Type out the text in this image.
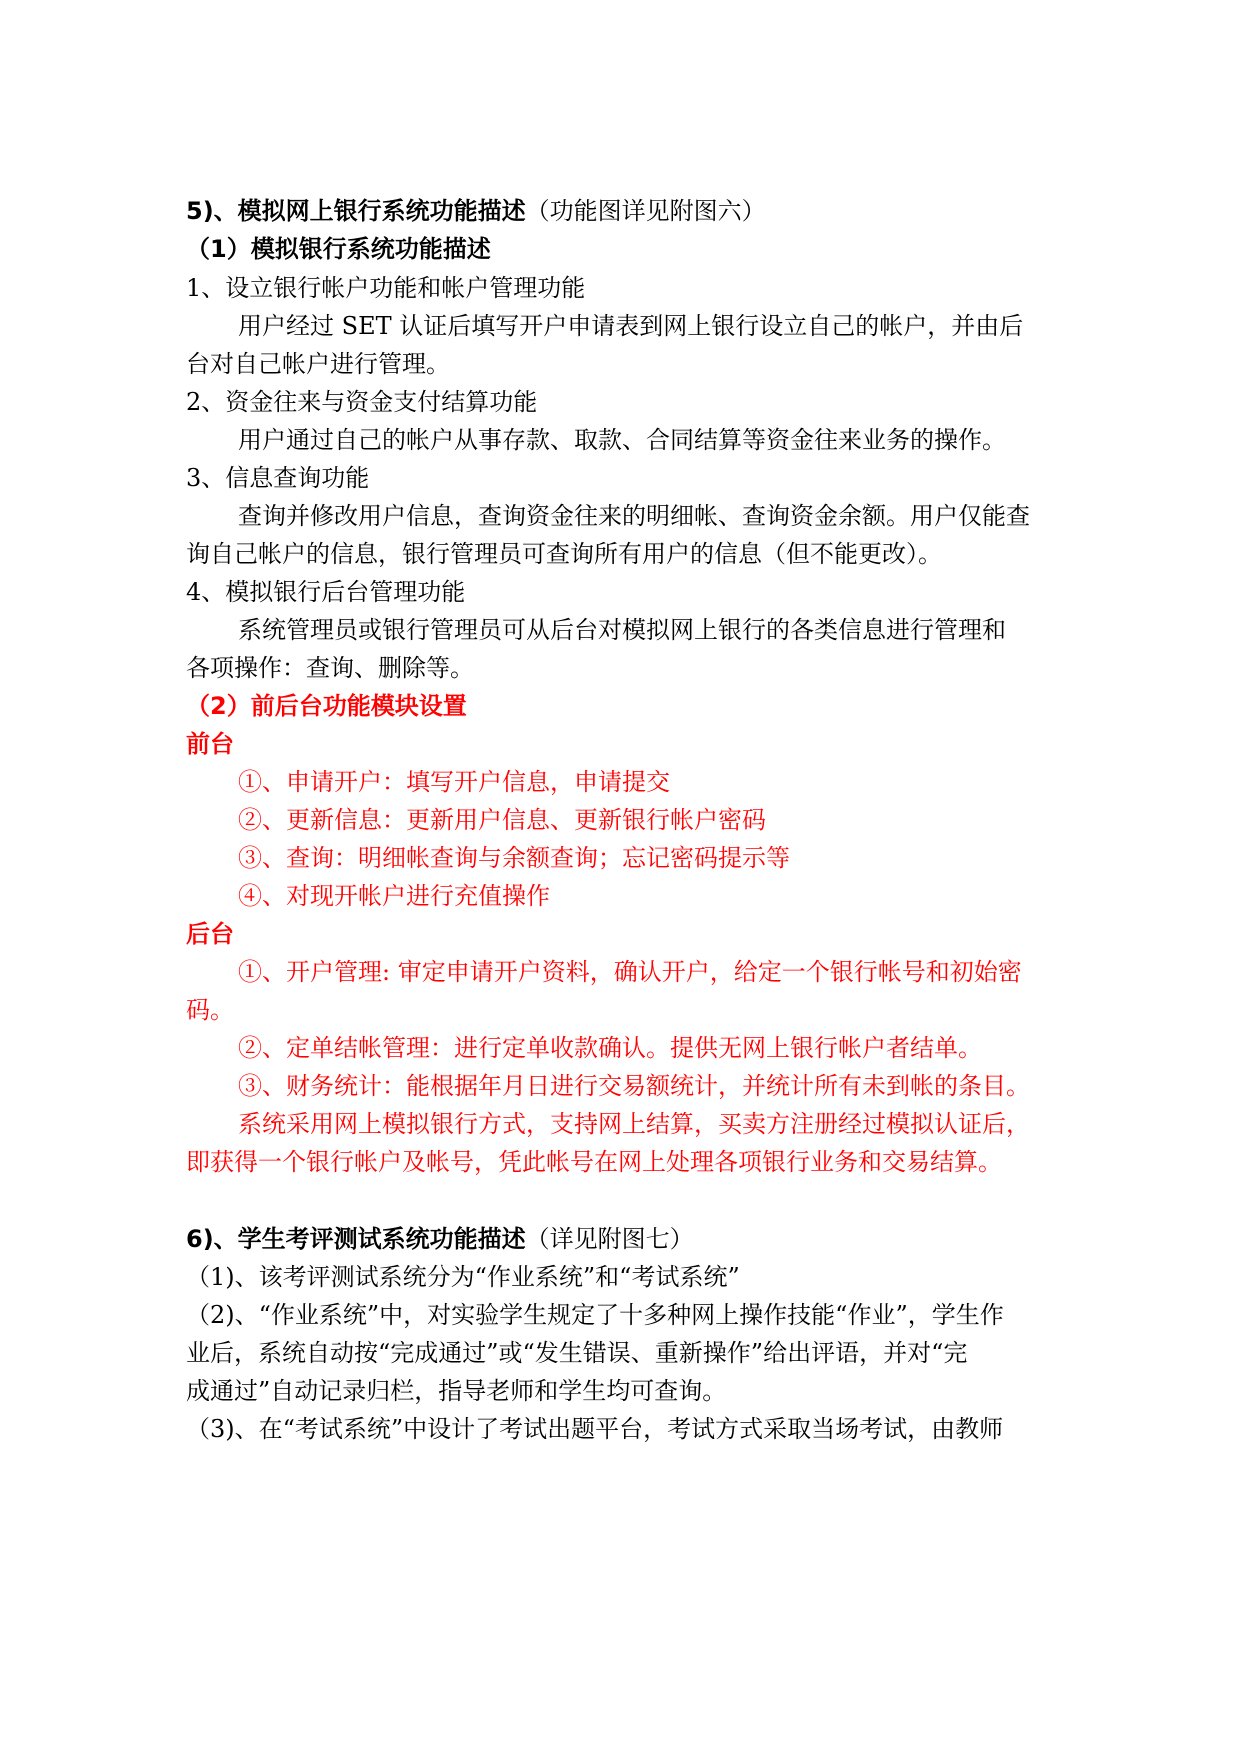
5)、模拟网上银行系统功能描述（功能图详见附图六）
（1）模拟银行系统功能描述
1、设立银行帐户功能和帐户管理功能
用户经过 SET 认证后填写开户申请表到网上银行设立自己的帐户，并由后
台对自己帐户进行管理。
2、资金往来与资金支付结算功能
用户通过自己的帐户从事存款、取款、合同结算等资金往来业务的操作。
3、信息查询功能
查询并修改用户信息，查询资金往来的明细帐、查询资金余额。用户仅能查
询自己帐户的信息，银行管理员可查询所有用户的信息（但不能更改）。
4、模拟银行后台管理功能
系统管理员或银行管理员可从后台对模拟网上银行的各类信息进行管理和
各项操作：查询、删除等。
（2）前后台功能模块设置
前台
①、申请开户：填写开户信息，申请提交
②、更新信息：更新用户信息、更新银行帐户密码
③、查询：明细帐查询与余额查询；忘记密码提示等
④、对现开帐户进行充值操作
后台
①、开户管理: 审定申请开户资料，确认开户，给定一个银行帐号和初始密
码。
②、定单结帐管理：进行定单收款确认。提供无网上银行帐户者结单。
③、财务统计：能根据年月日进行交易额统计，并统计所有未到帐的条目。
系统采用网上模拟银行方式，支持网上结算，买卖方注册经过模拟认证后，
即获得一个银行帐户及帐号，凭此帐号在网上处理各项银行业务和交易结算。
6)、学生考评测试系统功能描述（详见附图七）
（1)、该考评测试系统分为“作业系统”和“考试系统”
（2)、“作业系统”中，对实验学生规定了十多种网上操作技能“作业”，学生作
业后，系统自动按“完成通过”或“发生错误、重新操作”给出评语，并对“完
成通过”自动记录归栏，指导老师和学生均可查询。
（3)、在“考试系统”中设计了考试出题平台，考试方式采取当场考试，由教师
